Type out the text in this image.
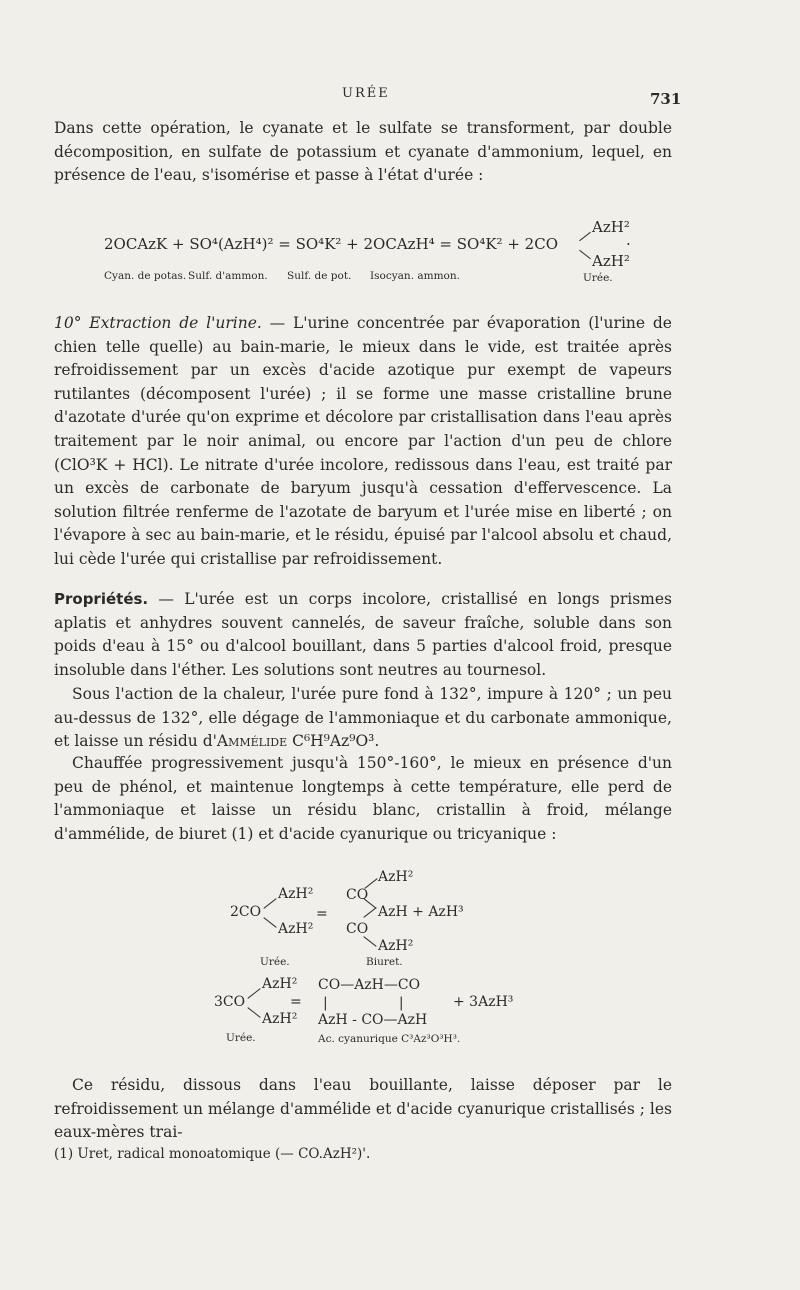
URÉE	731

Dans cette opération, le cyanate et le sulfate se transforment, par double décomposition, en sulfate de potassium et cyanate d'ammonium, lequel, en présence de l'eau, s'isomérise et passe à l'état d'urée :

2OCAzK + SO⁴(AzH⁴)² = SO⁴K² + 2OCAzH⁴ = SO⁴K² + 2CO
AzH²
AzH²
·
Cyan. de potas. Sulf. d'ammon. Sulf. de pot. Isocyan. ammon.	Urée.

10° Extraction de l'urine. — L'urine concentrée par évaporation (l'urine de chien telle quelle) au bain-marie, le mieux dans le vide, est traitée après refroidissement par un excès d'acide azotique pur exempt de vapeurs rutilantes (décomposent l'urée) ; il se forme une masse cristalline brune d'azotate d'urée qu'on exprime et décolore par cristallisation dans l'eau après traitement par le noir animal, ou encore par l'action d'un peu de chlore (ClO³K + HCl). Le nitrate d'urée incolore, redissous dans l'eau, est traité par un excès de carbonate de baryum jusqu'à cessation d'effervescence. La solution filtrée renferme de l'azotate de baryum et l'urée mise en liberté ; on l'évapore à sec au bain-marie, et le résidu, épuisé par l'alcool absolu et chaud, lui cède l'urée qui cristallise par refroidissement.

Propriétés. — L'urée est un corps incolore, cristallisé en longs prismes aplatis et anhydres souvent cannelés, de saveur fraîche, soluble dans son poids d'eau à 15° ou d'alcool bouillant, dans 5 parties d'alcool froid, presque insoluble dans l'éther. Les solutions sont neutres au tournesol.

Sous l'action de la chaleur, l'urée pure fond à 132°, impure à 120° ; un peu au-dessus de 132°, elle dégage de l'ammoniaque et du carbonate ammonique, et laisse un résidu d'Ammélide C⁶H⁹Az⁹O³.

Chauffée progressivement jusqu'à 150°-160°, le mieux en présence d'un peu de phénol, et maintenue longtemps à cette température, elle perd de l'ammoniaque et laisse un résidu blanc, cristallin à froid, mélange d'ammélide, de biuret (1) et d'acide cyanurique ou tricyanique :

2CO
AzH²
AzH²
=
AzH²
CO
AzH + AzH³
CO
AzH²
Urée.	Biuret.
3CO
AzH²
AzH²
=
CO—AzH—CO
|                |
AzH - CO—AzH
+ 3AzH³
Urée.	Ac. cyanurique C³Az³O³H³.

Ce résidu, dissous dans l'eau bouillante, laisse déposer par le refroidissement un mélange d'ammélide et d'acide cyanurique cristallisés ; les eaux-mères trai-

(1) Uret, radical monoatomique (— CO.AzH²)'.
